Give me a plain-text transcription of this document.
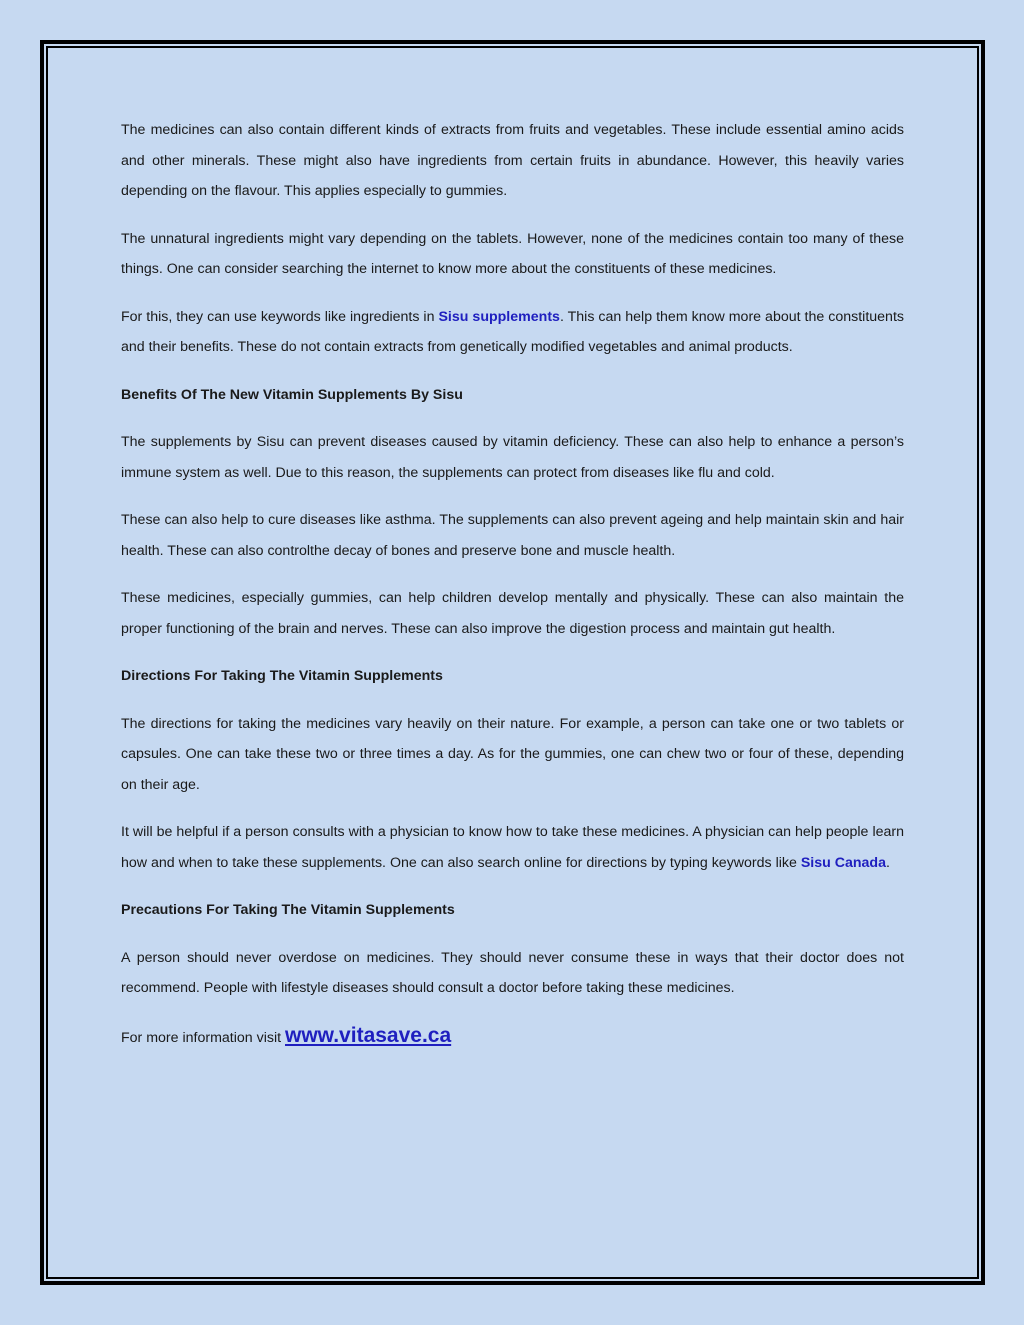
The medicines can also contain different kinds of extracts from fruits and vegetables. These include essential amino acids and other minerals. These might also have ingredients from certain fruits in abundance. However, this heavily varies depending on the flavour. This applies especially to gummies.

The unnatural ingredients might vary depending on the tablets. However, none of the medicines contain too many of these things. One can consider searching the internet to know more about the constituents of these medicines.

For this, they can use keywords like ingredients in Sisu supplements. This can help them know more about the constituents and their benefits. These do not contain extracts from genetically modified vegetables and animal products.

Benefits Of The New Vitamin Supplements By Sisu

The supplements by Sisu can prevent diseases caused by vitamin deficiency. These can also help to enhance a person’s immune system as well. Due to this reason, the supplements can protect from diseases like flu and cold.

These can also help to cure diseases like asthma. The supplements can also prevent ageing and help maintain skin and hair health. These can also controlthe decay of bones and preserve bone and muscle health.

These medicines, especially gummies, can help children develop mentally and physically. These can also maintain the proper functioning of the brain and nerves. These can also improve the digestion process and maintain gut health.

Directions For Taking The Vitamin Supplements

The directions for taking the medicines vary heavily on their nature. For example, a person can take one or two tablets or capsules. One can take these two or three times a day. As for the gummies, one can chew two or four of these, depending on their age.

It will be helpful if a person consults with a physician to know how to take these medicines. A physician can help people learn how and when to take these supplements. One can also search online for directions by typing keywords like Sisu Canada.

Precautions For Taking The Vitamin Supplements

A person should never overdose on medicines. They should never consume these in ways that their doctor does not recommend. People with lifestyle diseases should consult a doctor before taking these medicines.

For more information visit www.vitasave.ca
